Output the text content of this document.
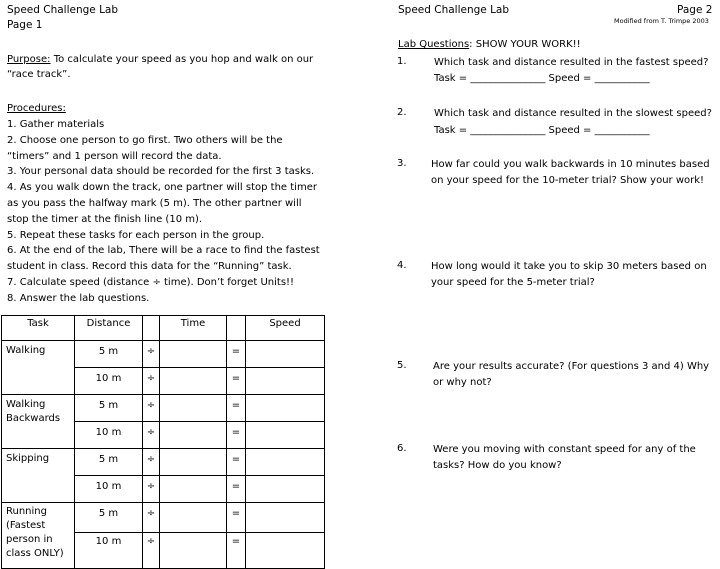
Speed Challenge Lab
Page 1
Purpose: To calculate your speed as you hop and walk on our “race track”.
Procedures:
1. Gather materials
2. Choose one person to go first. Two others will be the “timers” and 1 person will record the data.
3. Your personal data should be recorded for the first 3 tasks.
4. As you walk down the track, one partner will stop the timer as you pass the halfway mark (5 m). The other partner will stop the timer at the finish line (10 m).
5. Repeat these tasks for each person in the group.
6. At the end of the lab, There will be a race to find the fastest student in class. Record this data for the “Running” task.
7. Calculate speed (distance ÷ time). Don’t forget Units!!
8. Answer the lab questions.
Task	Distance		Time		Speed
Walking	5 m	÷		=	
	10 m	÷		=	
Walking Backwards	5 m	÷		=	
	10 m	÷		=	
Skipping	5 m	÷		=	
	10 m	÷		=	
Running (Fastest person in class ONLY)	5 m	÷		=	
	10 m	÷		=	
Speed Challenge Lab	Page 2
Modified from T. Trimpe 2003
Lab Questions: SHOW YOUR WORK!!
1.	Which task and distance resulted in the fastest speed?
Task = _______________ Speed = ___________
2.	Which task and distance resulted in the slowest speed?
Task = _______________ Speed = ___________
3. How far could you walk backwards in 10 minutes based on your speed for the 10-meter trial? Show your work!
4. How long would it take you to skip 30 meters based on your speed for the 5-meter trial?
5.	Are your results accurate? (For questions 3 and 4) Why or why not?
6.	Were you moving with constant speed for any of the tasks? How do you know?
